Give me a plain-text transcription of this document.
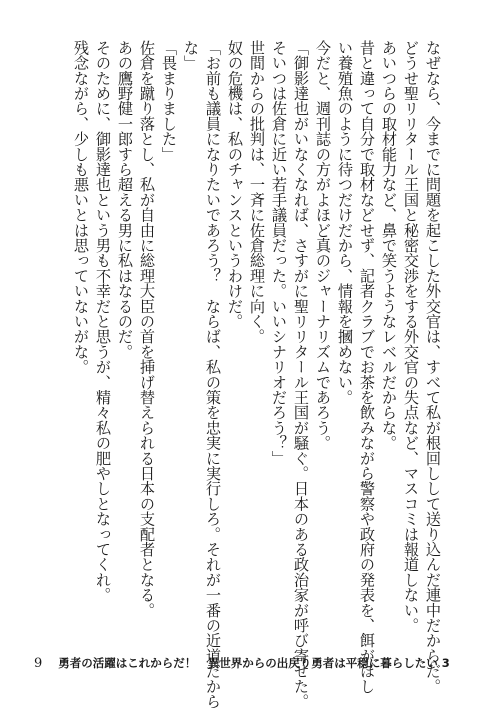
なぜなら、今までに問題を起こした外交官は、すべて私が根回しして送り込んだ連中だからだ。
どうせ聖リリタール王国と秘密交渉をする外交官の失点など、マスコミは報道しない。
あいつらの取材能力など、鼻で笑うようなレベルだからな。
昔と違って自分で取材などせず、記者クラブでお茶を飲みながら警察や政府の発表を、餌がほし
い養殖魚のように待つだけだから、情報を摑めない。
今だと、週刊誌の方がよほど真のジャーナリズムであろう。
「御影達也がいなくなれば、さすがに聖リリタール王国が騒ぐ。日本のある政治家が呼び寄せた。
そいつは佐倉に近い若手議員だった。いいシナリオだろう？」
世間からの批判は、一斉に佐倉総理に向く。
奴の危機は、私のチャンスというわけだ。
「お前も議員になりたいであろう？　ならば、私の策を忠実に実行しろ。それが一番の近道だから
な」
「畏まりました」
佐倉を蹴り落とし、私が自由に総理大臣の首を挿げ替えられる日本の支配者となる。
あの鷹野健一郎すら超える男に私はなるのだ。
そのために、御影達也という男も不幸だと思うが、精々私の肥やしとなってくれ。
残念ながら、少しも悪いとは思っていないがな。
9 勇者の活躍はこれからだ！　異世界からの出戻り勇者は平穏に暮らしたい 3
